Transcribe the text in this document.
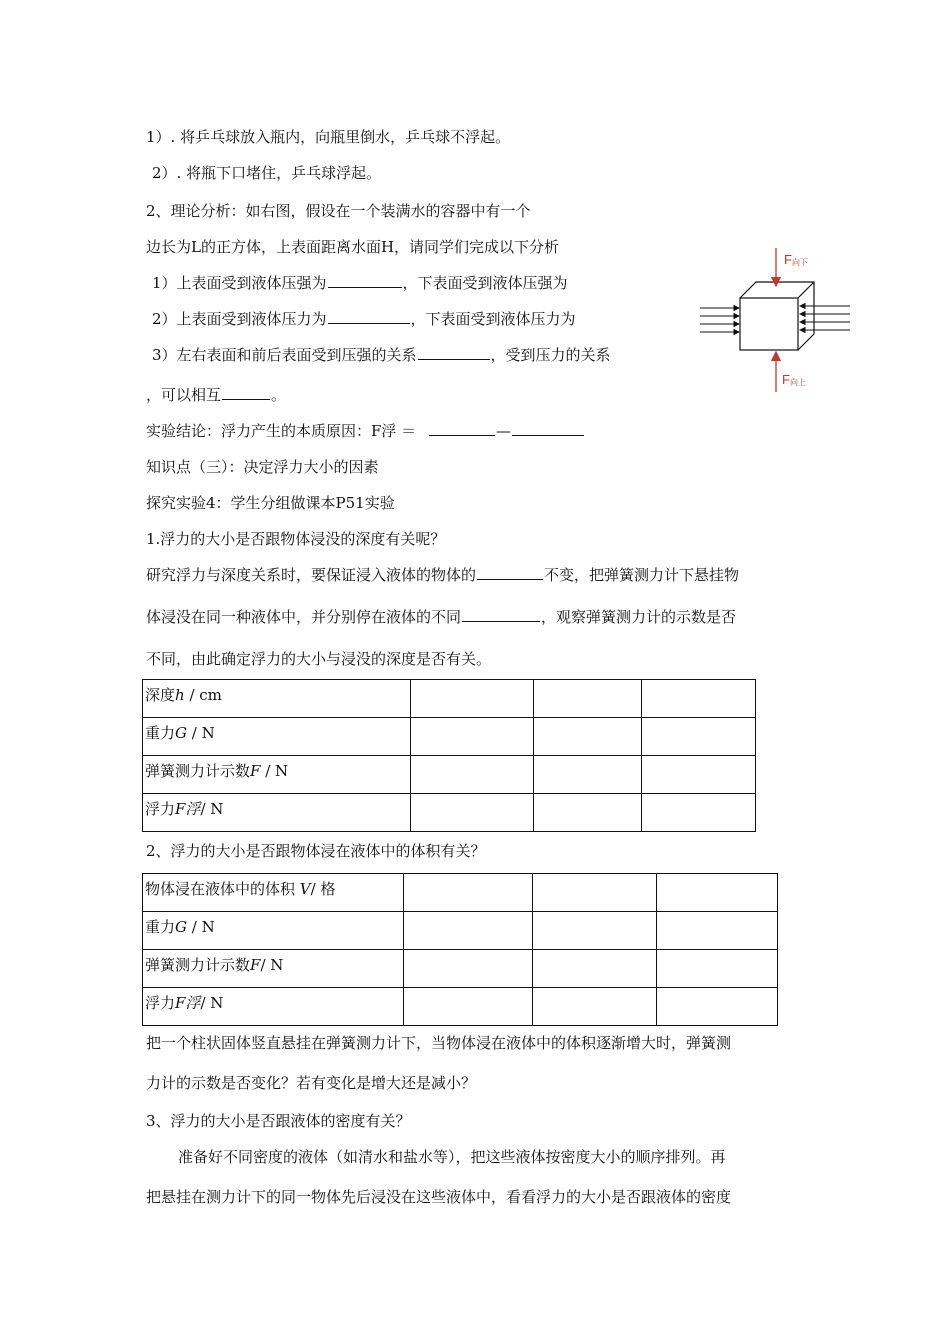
1）. 将乒乓球放入瓶内，向瓶里倒水，乒乓球不浮起。
2）. 将瓶下口堵住，乒乓球浮起。
2、理论分析：如右图，假设在一个装满水的容器中有一个
边长为L的正方体，上表面距离水面H，请同学们完成以下分析
1）上表面受到液体压强为	，下表面受到液体压强为
2）上表面受到液体压力为	，下表面受到液体压力为
3）左右表面和前后表面受到压强的关系	，受到压力的关系
，可以相互	。
实验结论：浮力产生的本质原因：F浮 ＝	—
知识点（三）：决定浮力大小的因素
探究实验4：学生分组做课本P51实验
1.浮力的大小是否跟物体浸没的深度有关呢？
研究浮力与深度关系时，要保证浸入液体的物体的	不变，把弹簧测力计下悬挂物
体浸没在同一种液体中，并分别停在液体的不同	，观察弹簧测力计的示数是否
不同，由此确定浮力的大小与浸没的深度是否有关。
深度h / cm			
重力G / N			
弹簧测力计示数F / N			
浮力F浮/ N			
2、浮力的大小是否跟物体浸在液体中的体积有关？
物体浸在液体中的体积 V/ 格			
重力G / N			
弹簧测力计示数F/ N			
浮力F浮/ N			
把一个柱状固体竖直悬挂在弹簧测力计下，当物体浸在液体中的体积逐渐增大时，弹簧测
力计的示数是否变化？若有变化是增大还是减小？
3、浮力的大小是否跟液体的密度有关？
准备好不同密度的液体（如清水和盐水等），把这些液体按密度大小的顺序排列。再
把悬挂在测力计下的同一物体先后浸没在这些液体中，看看浮力的大小是否跟液体的密度
F 向下
F 向上
